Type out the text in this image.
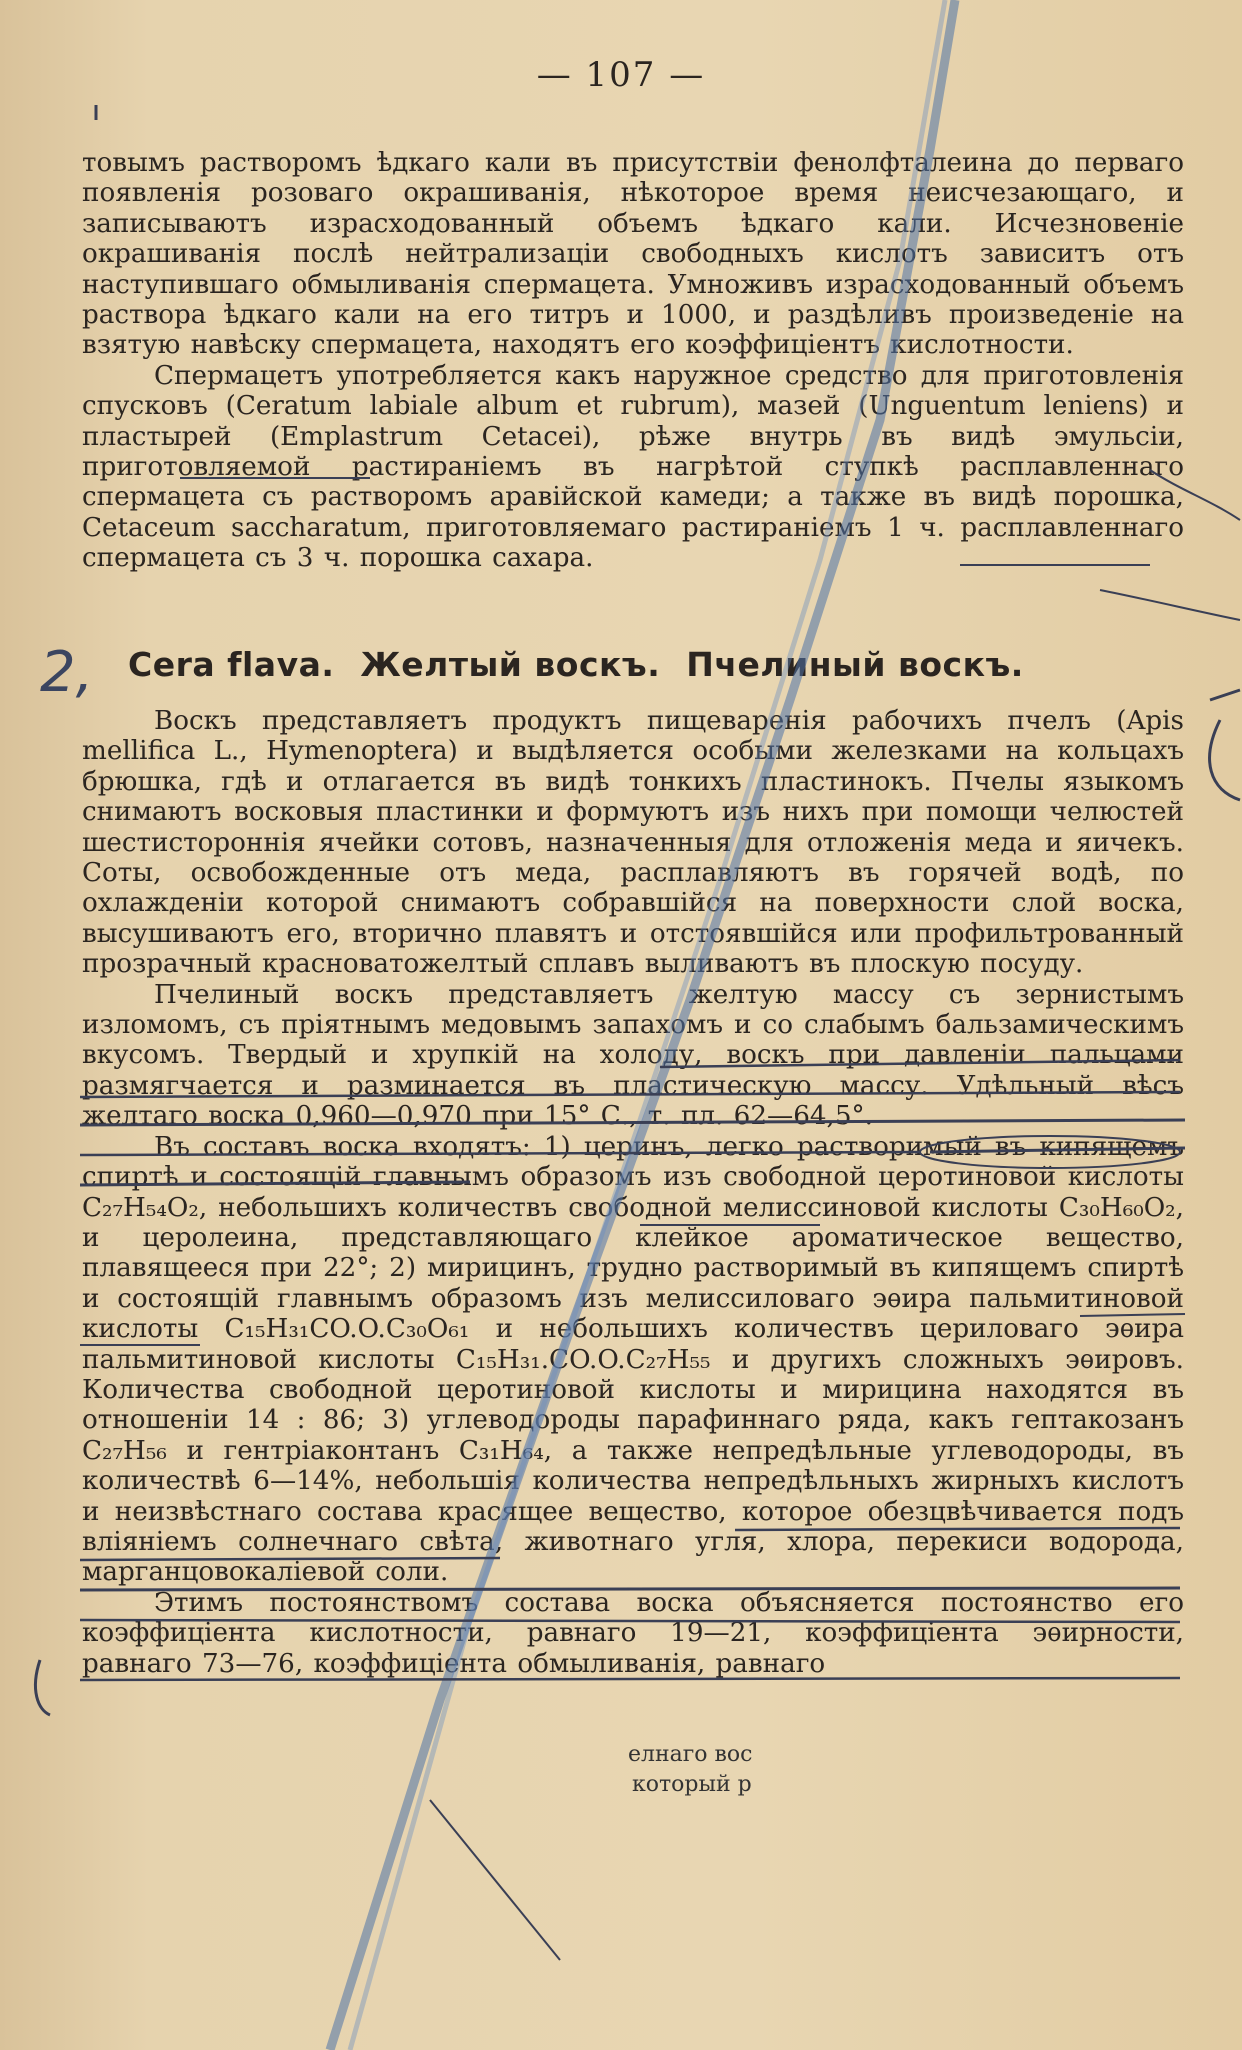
— 107 —

товымъ растворомъ ѣдкаго кали въ присутствіи фенолфталеина до перваго появленія розоваго окрашиванія, нѣкоторое время неисчезающаго, и записываютъ израсходованный объемъ ѣдкаго кали. Исчезновеніе окрашиванія послѣ нейтрализаціи свободныхъ кислотъ зависитъ отъ наступившаго обмыливанія спермацета. Умноживъ израсходованный объемъ раствора ѣдкаго кали на его титръ и 1000, и раздѣливъ произведеніе на взятую навѣску спермацета, находятъ его коэффиціентъ кислотности.

Спермацетъ употребляется какъ наружное средство для приготовленія спусковъ (Ceratum labiale album et rubrum), мазей (Unguentum leniens) и пластырей (Emplastrum Cetacei), рѣже внутрь въ видѣ эмульсіи, приготовляемой растираніемъ въ нагрѣтой ступкѣ расплавленнаго спермацета съ растворомъ аравійской камеди; а также въ видѣ порошка, Cetaceum saccharatum, приготовляемаго растираніемъ 1 ч. расплавленнаго спермацета съ 3 ч. порошка сахара.

Cera flava. Желтый воскъ. Пчелиный воскъ.

Воскъ представляетъ продуктъ пищеваренія рабочихъ пчелъ (Apis mellifica L., Hymenoptera) и выдѣляется особыми железками на кольцахъ брюшка, гдѣ и отлагается въ видѣ тонкихъ пластинокъ. Пчелы языкомъ снимаютъ восковыя пластинки и формуютъ изъ нихъ при помощи челюстей шестистороннія ячейки сотовъ, назначенныя для отложенія меда и яичекъ. Соты, освобожденные отъ меда, расплавляютъ въ горячей водѣ, по охлажденіи которой снимаютъ собравшійся на поверхности слой воска, высушиваютъ его, вторично плавятъ и отстоявшійся или профильтрованный прозрачный красноватожелтый сплавъ выливаютъ въ плоскую посуду.

Пчелиный воскъ представляетъ желтую массу съ зернистымъ изломомъ, съ пріятнымъ медовымъ запахомъ и со слабымъ бальзамическимъ вкусомъ. Твердый и хрупкій на холоду, воскъ при давленіи пальцами размягчается и разминается въ пластическую массу. Удѣльный вѣсъ желтаго воска 0,960—0,970 при 15° С., т. пл. 62—64,5°.

Въ составъ воска входятъ: 1) церинъ, легко растворимый въ кипящемъ спиртѣ и состоящій главнымъ образомъ изъ свободной церотиновой кислоты C₂₇H₅₄O₂, небольшихъ количествъ свободной мелиссиновой кислоты C₃₀H₆₀O₂, и церолеина, представляющаго клейкое ароматическое вещество, плавящееся при 22°; 2) мирицинъ, трудно растворимый въ кипящемъ спиртѣ и состоящій главнымъ образомъ изъ мелиссиловаго эѳира пальмитиновой кислоты C₁₅H₃₁CO.O.C₃₀O₆₁ и небольшихъ количествъ цериловаго эѳира пальмитиновой кислоты C₁₅H₃₁.CO.O.C₂₇H₅₅ и другихъ сложныхъ эѳировъ. Количества свободной церотиновой кислоты и мирицина находятся въ отношеніи 14 : 86; 3) углеводороды парафиннаго ряда, какъ гептакозанъ C₂₇H₅₆ и гентріаконтанъ C₃₁H₆₄, а также непредѣльные углеводороды, въ количествѣ 6—14%, небольшія количества непредѣльныхъ жирныхъ кислотъ и неизвѣстнаго состава красящее вещество, которое обезцвѣчивается подъ вліяніемъ солнечнаго свѣта, животнаго угля, хлора, перекиси водорода, марганцовокаліевой соли.

Этимъ постоянствомъ состава воска объясняется постоянство его коэффиціента кислотности, равнаго 19—21, коэффиціента эѳирности, равнаго 73—76, коэффиціента обмыливанія, равнаго

2,
елнаго вос
который р
